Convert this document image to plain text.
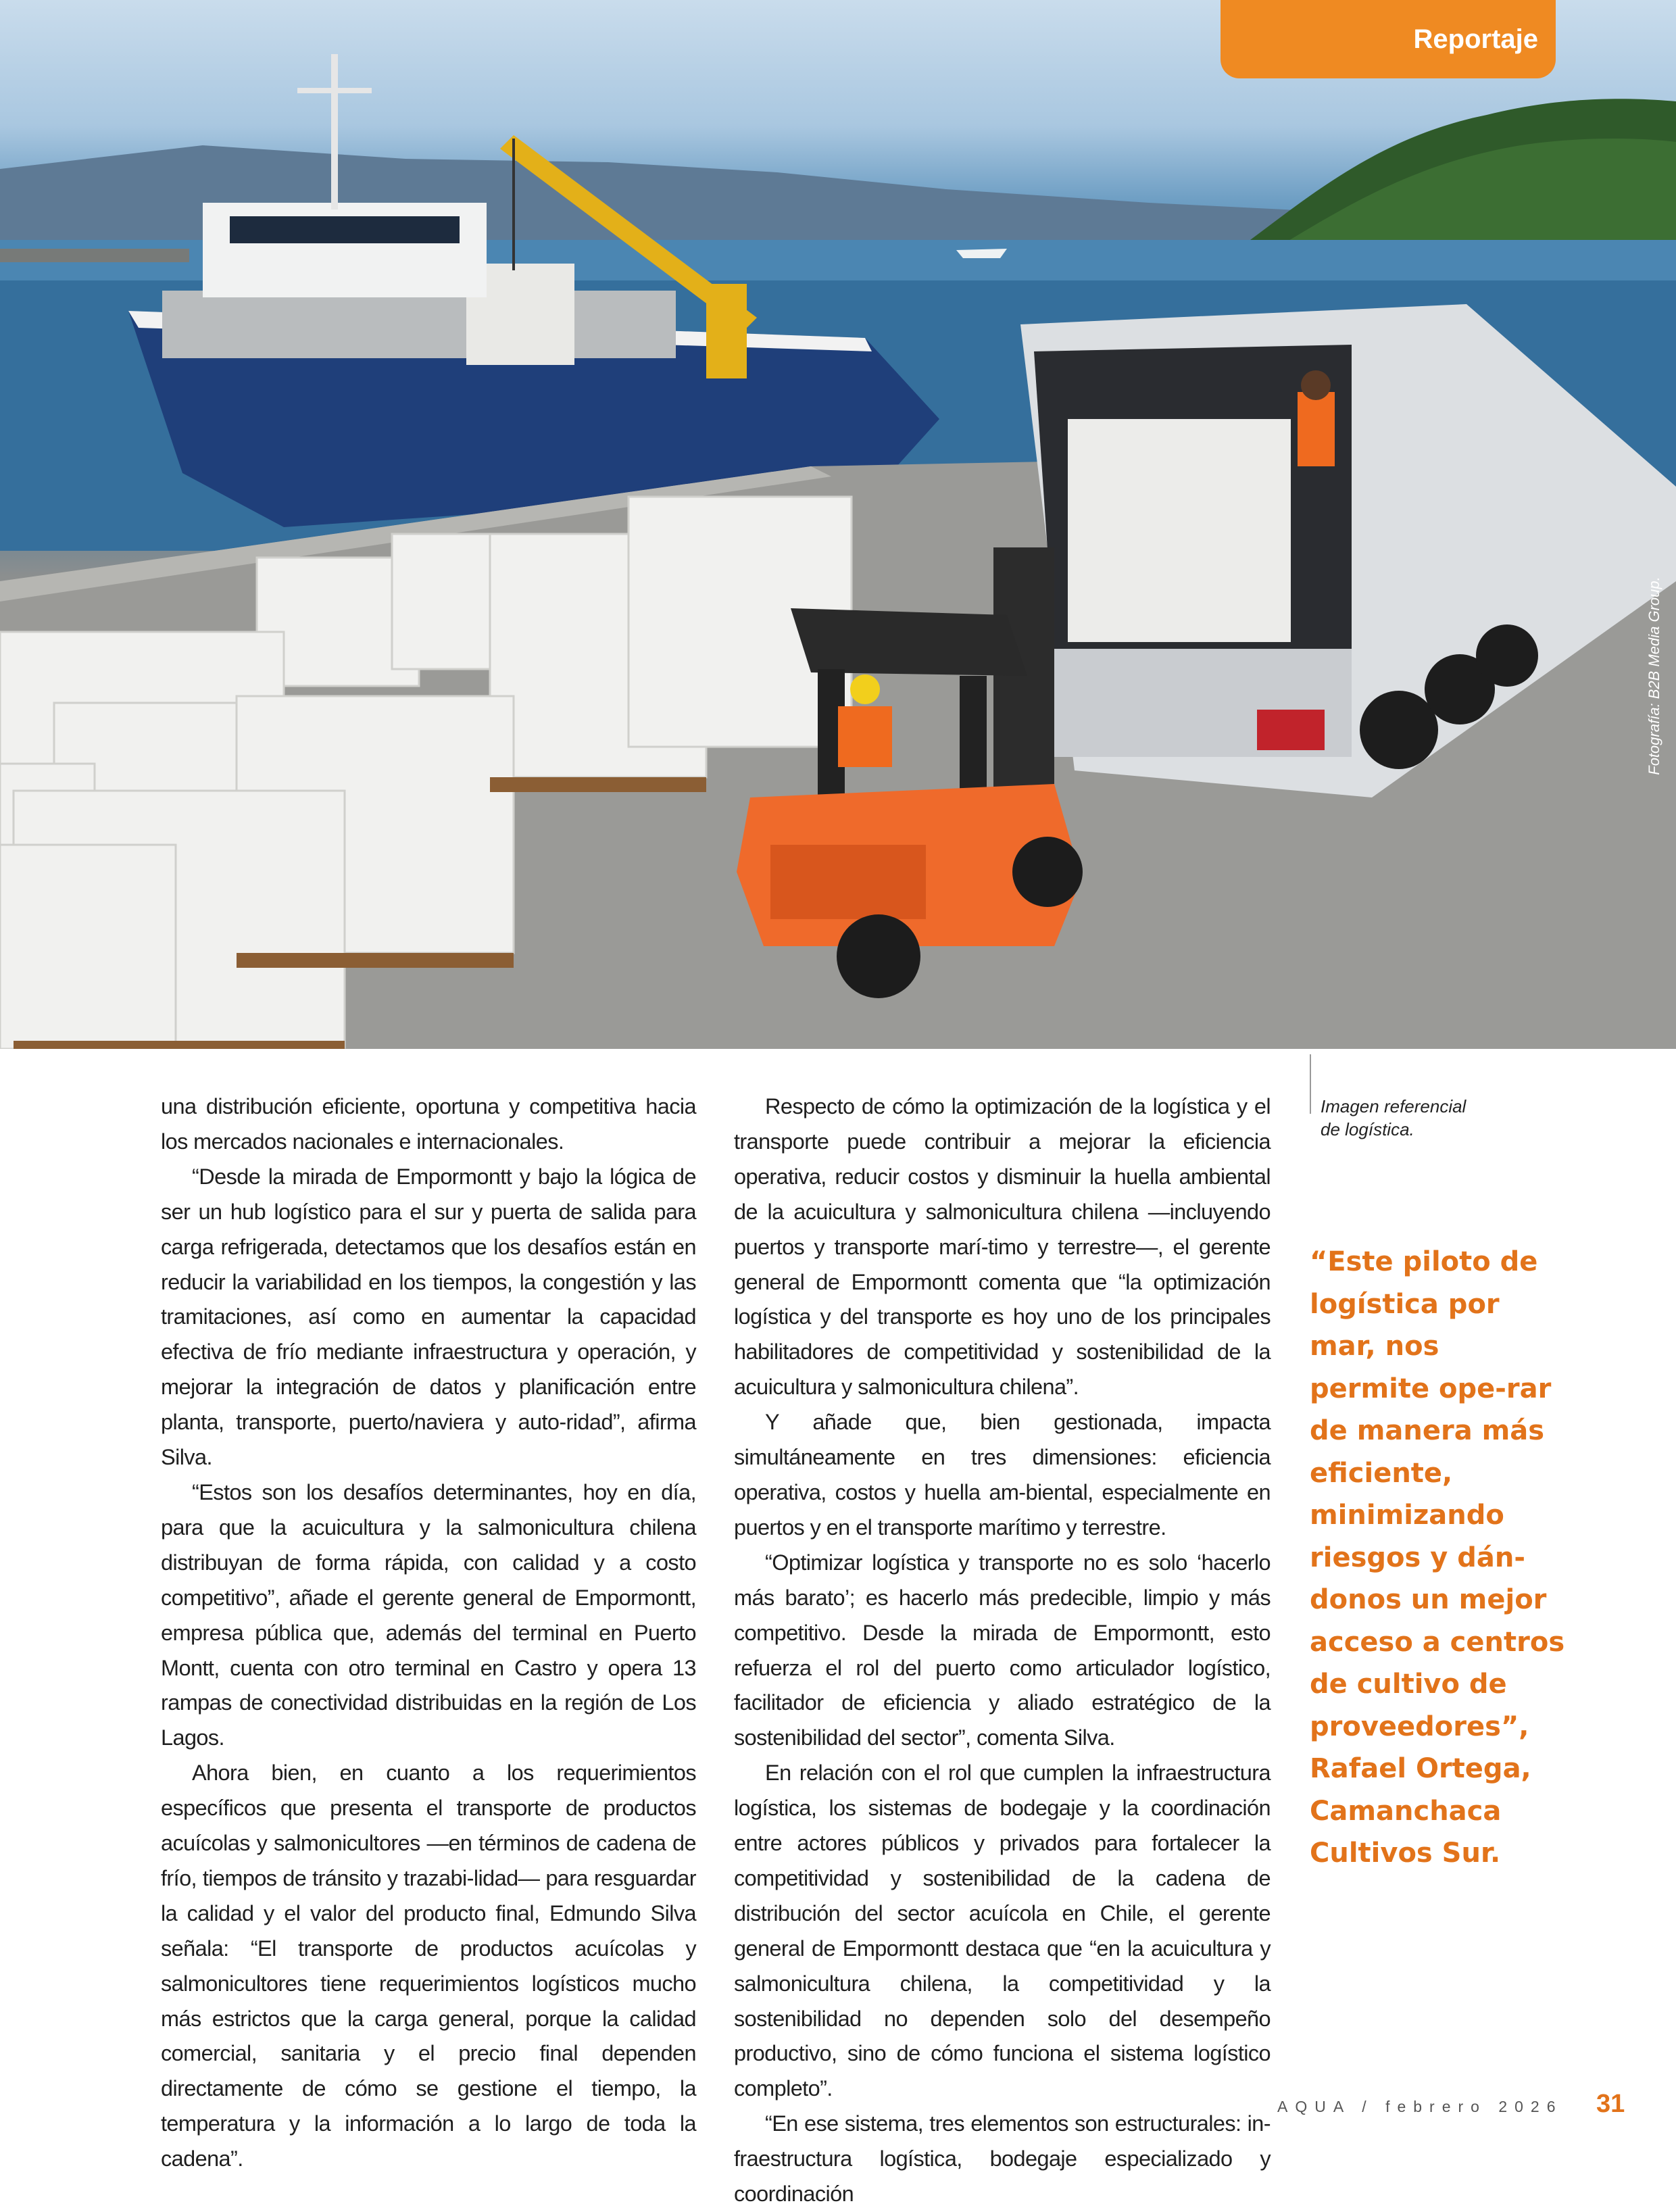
Reportaje
Fotografía: B2B Media Group.

una distribución eficiente, oportuna y competitiva hacia los mercados nacionales e internacionales.

“Desde la mirada de Empormontt y bajo la lógica de ser un hub logístico para el sur y puerta de salida para carga refrigerada, detectamos que los desafíos están en reducir la variabilidad en los tiempos, la congestión y las tramitaciones, así como en aumentar la capacidad efectiva de frío mediante infraestructura y operación, y mejorar la integración de datos y planificación entre planta, transporte, puerto/naviera y auto-ridad”, afirma Silva.

“Estos son los desafíos determinantes, hoy en día, para que la acuicultura y la salmonicultura chilena distribuyan de forma rápida, con calidad y a costo competitivo”, añade el gerente general de Empormontt, empresa pública que, además del terminal en Puerto Montt, cuenta con otro terminal en Castro y opera 13 rampas de conectividad distribuidas en la región de Los Lagos.

Ahora bien, en cuanto a los requerimientos específicos que presenta el transporte de productos acuícolas y salmonicultores —en términos de cadena de frío, tiempos de tránsito y trazabi-lidad— para resguardar la calidad y el valor del producto final, Edmundo Silva señala: “El transporte de productos acuícolas y salmonicultores tiene requerimientos logísticos mucho más estrictos que la carga general, porque la calidad comercial, sanitaria y el precio final dependen directamente de cómo se gestione el tiempo, la temperatura y la información a lo largo de toda la cadena”.

Respecto de cómo la optimización de la logística y el transporte puede contribuir a mejorar la eficiencia operativa, reducir costos y disminuir la huella ambiental de la acuicultura y salmonicultura chilena —incluyendo puertos y transporte marí-timo y terrestre—, el gerente general de Empormontt comenta que “la optimización logística y del transporte es hoy uno de los principales habilitadores de competitividad y sostenibilidad de la acuicultura y salmonicultura chilena”.

Y añade que, bien gestionada, impacta simultáneamente en tres dimensiones: eficiencia operativa, costos y huella am-biental, especialmente en puertos y en el transporte marítimo y terrestre.

“Optimizar logística y transporte no es solo ‘hacerlo más barato’; es hacerlo más predecible, limpio y más competitivo. Desde la mirada de Empormontt, esto refuerza el rol del puerto como articulador logístico, facilitador de eficiencia y aliado estratégico de la sostenibilidad del sector”, comenta Silva.

En relación con el rol que cumplen la infraestructura logística, los sistemas de bodegaje y la coordinación entre actores públicos y privados para fortalecer la competitividad y sostenibilidad de la cadena de distribución del sector acuícola en Chile, el gerente general de Empormontt destaca que “en la acuicultura y salmonicultura chilena, la competitividad y la sostenibilidad no dependen solo del desempeño productivo, sino de cómo funciona el sistema logístico completo”.

“En ese sistema, tres elementos son estructurales: in-fraestructura logística, bodegaje especializado y coordinación

Imagen referencial de logística.
“Este piloto de logística por mar, nos permite ope-rar de manera más eficiente, minimizando riesgos y dán-donos un mejor acceso a centros de cultivo de proveedores”, Rafael Ortega, Camanchaca Cultivos Sur.
AQUA / febrero 2026 31
